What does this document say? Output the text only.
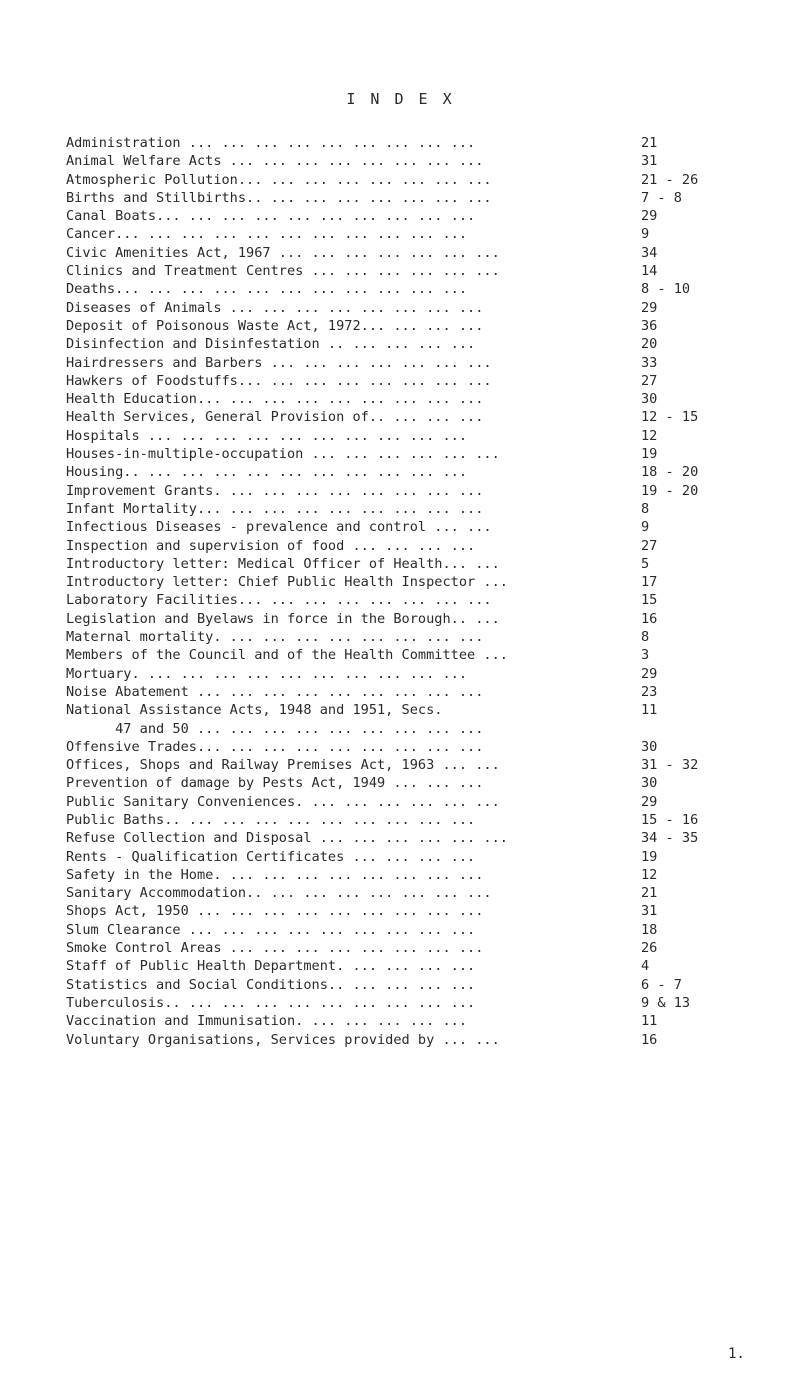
I N D E X
Administration ... ... ... ... ... ... ... ... ...	21
Animal Welfare Acts ... ... ... ... ... ... ... ...	31
Atmospheric Pollution... ... ... ... ... ... ... ...	21 - 26
Births and Stillbirths.. ... ... ... ... ... ... ...	7 - 8
Canal Boats... ... ... ... ... ... ... ... ... ...	29
Cancer... ... ... ... ... ... ... ... ... ... ...	9
Civic Amenities Act, 1967 ... ... ... ... ... ... ...	34
Clinics and Treatment Centres ... ... ... ... ... ...	14
Deaths... ... ... ... ... ... ... ... ... ... ...	8 - 10
Diseases of Animals ... ... ... ... ... ... ... ...	29
Deposit of Poisonous Waste Act, 1972... ... ... ...	36
Disinfection and Disinfestation .. ... ... ... ...	20
Hairdressers and Barbers ... ... ... ... ... ... ...	33
Hawkers of Foodstuffs... ... ... ... ... ... ... ...	27
Health Education... ... ... ... ... ... ... ... ...	30
Health Services, General Provision of.. ... ... ...	12 - 15
Hospitals ... ... ... ... ... ... ... ... ... ...	12
Houses-in-multiple-occupation ... ... ... ... ... ...	19
Housing.. ... ... ... ... ... ... ... ... ... ...	18 - 20
Improvement Grants. ... ... ... ... ... ... ... ...	19 - 20
Infant Mortality... ... ... ... ... ... ... ... ...	8
Infectious Diseases - prevalence and control ... ...	9
Inspection and supervision of food ... ... ... ...	27
Introductory letter: Medical Officer of Health... ...	5
Introductory letter: Chief Public Health Inspector ...	17
Laboratory Facilities... ... ... ... ... ... ... ...	15
Legislation and Byelaws in force in the Borough.. ...	16
Maternal mortality. ... ... ... ... ... ... ... ...	8
Members of the Council and of the Health Committee ...	3
Mortuary. ... ... ... ... ... ... ... ... ... ...	29
Noise Abatement ... ... ... ... ... ... ... ... ...	23
National Assistance Acts, 1948 and 1951, Secs.	11
47 and 50 ... ... ... ... ... ... ... ... ...
Offensive Trades... ... ... ... ... ... ... ... ...	30
Offices, Shops and Railway Premises Act, 1963 ... ...	31 - 32
Prevention of damage by Pests Act, 1949 ... ... ...	30
Public Sanitary Conveniences. ... ... ... ... ... ...	29
Public Baths.. ... ... ... ... ... ... ... ... ...	15 - 16
Refuse Collection and Disposal ... ... ... ... ... ...	34 - 35
Rents - Qualification Certificates ... ... ... ...	19
Safety in the Home. ... ... ... ... ... ... ... ...	12
Sanitary Accommodation.. ... ... ... ... ... ... ...	21
Shops Act, 1950 ... ... ... ... ... ... ... ... ...	31
Slum Clearance ... ... ... ... ... ... ... ... ...	18
Smoke Control Areas ... ... ... ... ... ... ... ...	26
Staff of Public Health Department. ... ... ... ...	4
Statistics and Social Conditions.. ... ... ... ...	6 - 7
Tuberculosis.. ... ... ... ... ... ... ... ... ...	9 & 13
Vaccination and Immunisation. ... ... ... ... ...	11
Voluntary Organisations, Services provided by ... ...	16
1.
